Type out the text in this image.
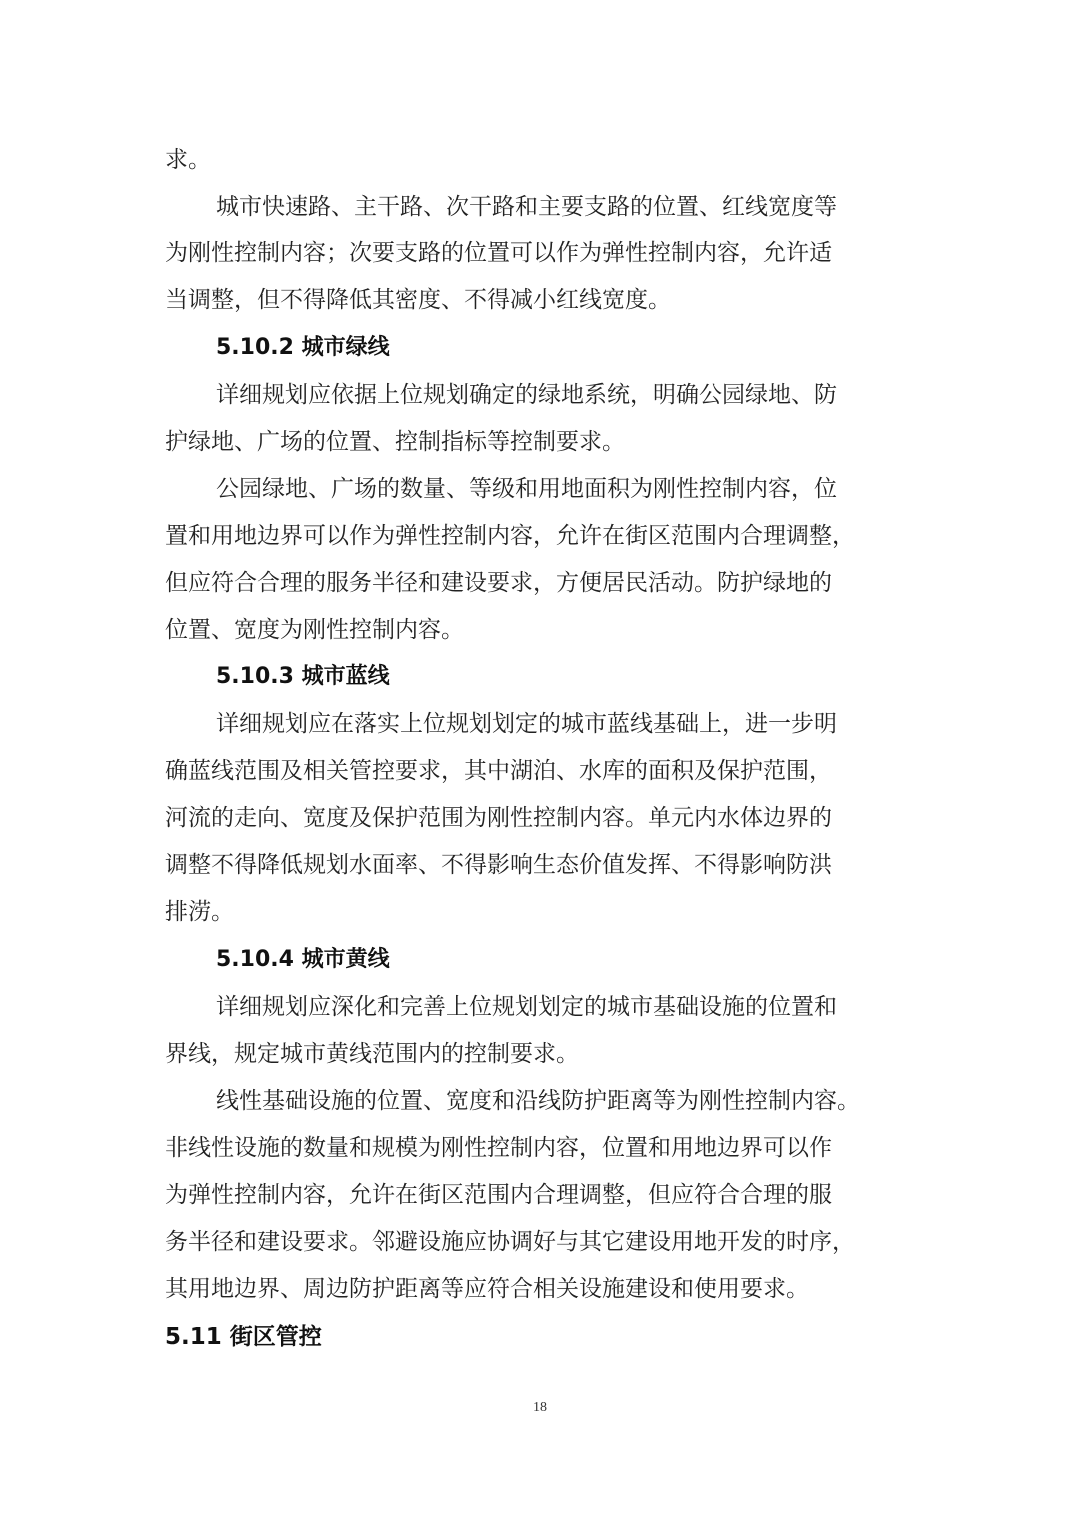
求。
城市快速路、主干路、次干路和主要支路的位置、红线宽度等
为刚性控制内容；次要支路的位置可以作为弹性控制内容，允许适
当调整，但不得降低其密度、不得减小红线宽度。
5.10.2 城市绿线
详细规划应依据上位规划确定的绿地系统，明确公园绿地、防
护绿地、广场的位置、控制指标等控制要求。
公园绿地、广场的数量、等级和用地面积为刚性控制内容，位
置和用地边界可以作为弹性控制内容，允许在街区范围内合理调整，
但应符合合理的服务半径和建设要求，方便居民活动。防护绿地的
位置、宽度为刚性控制内容。
5.10.3 城市蓝线
详细规划应在落实上位规划划定的城市蓝线基础上，进一步明
确蓝线范围及相关管控要求，其中湖泊、水库的面积及保护范围，
河流的走向、宽度及保护范围为刚性控制内容。单元内水体边界的
调整不得降低规划水面率、不得影响生态价值发挥、不得影响防洪
排涝。
5.10.4 城市黄线
详细规划应深化和完善上位规划划定的城市基础设施的位置和
界线，规定城市黄线范围内的控制要求。
线性基础设施的位置、宽度和沿线防护距离等为刚性控制内容。
非线性设施的数量和规模为刚性控制内容，位置和用地边界可以作
为弹性控制内容，允许在街区范围内合理调整，但应符合合理的服
务半径和建设要求。邻避设施应协调好与其它建设用地开发的时序，
其用地边界、周边防护距离等应符合相关设施建设和使用要求。
5.11 街区管控
18
